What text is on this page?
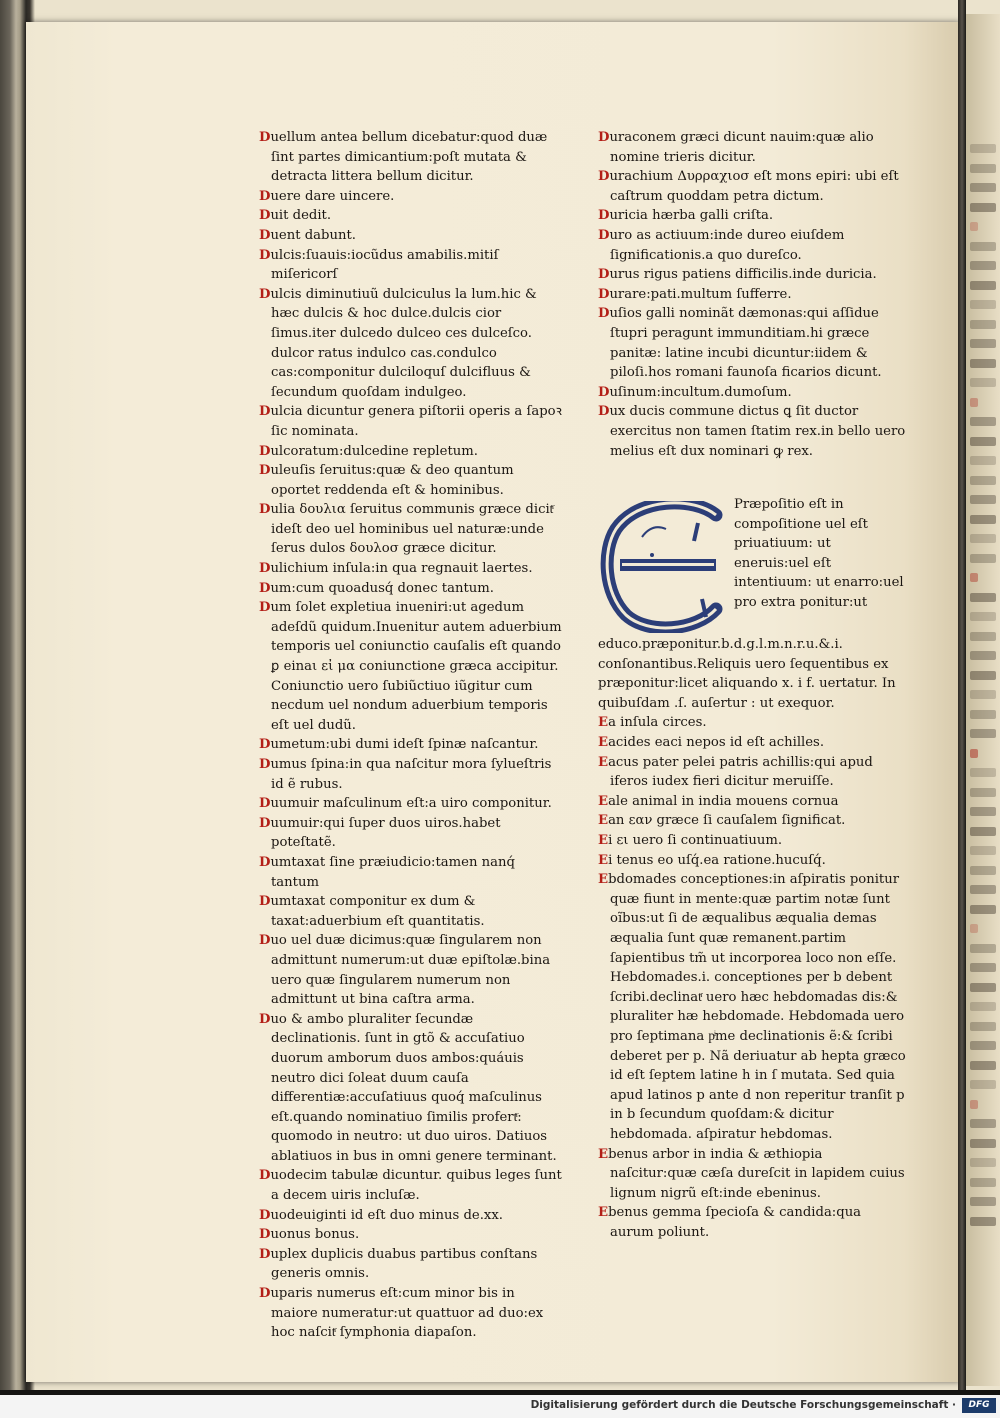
Duellum antea bellum dicebatur:quod duæ ſint partes dimicantium:poſt mutata & detracta littera bellum dicitur.

Duere dare uincere.

Duit dedit.

Duent dabunt.

Dulcis:ſuauis:iocũdus amabilis.mitiſ miſericorſ

Dulcis diminutiuũ dulciculus la lum.hic & hæc dulcis & hoc dulce.dulcis cior ſimus.iter dulcedo dulceo ces dulceſco. dulcor ratus indulco cas.condulco cas:componitur dulciloquſ dulcifluus & ſecundum quoſdam indulgeo.

Dulcia dicuntur genera piſtorii operis a ſapoꝛ ſic nominata.

Dulcoratum:dulcedine repletum.

Duleuſis ſeruitus:quæ & deo quantum oportet reddenda eſt & hominibus.

Dulia δουλια ſeruitus communis græce dicitͬ ideſt deo uel hominibus uel naturæ:unde ſerus dulos δουλοσ græce dicitur.

Dulichium inſula:in qua regnauit laertes.

Dum:cum quoadusq́ donec tantum.

Dum ſolet expletiua inueniri:ut agedum adeſdũ quidum.Inuenitur autem aduerbium temporis uel coniunctio cauſalis eſt quando ꝑ einaι εἰ μα coniunctione græca accipitur. Coniunctio uero ſubiũctiuo iũgitur cum necdum uel nondum aduerbium temporis eſt uel dudũ.

Dumetum:ubi dumi ideſt ſpinæ naſcantur.

Dumus ſpina:in qua naſcitur mora ſylueſtris id ẽ rubus.

Duumuir maſculinum eſt:a uiro componitur.

Duumuir:qui ſuper duos uiros.habet poteſtatẽ.

Dumtaxat ſine præiudicio:tamen nanq́ tantum

Dumtaxat componitur ex dum & taxat:aduerbium eſt quantitatis.

Duo uel duæ dicimus:quæ ſingularem non admittunt numerum:ut duæ epiſtolæ.bina uero quæ ſingularem numerum non admittunt ut bina caſtra arma.

Duo & ambo pluraliter ſecundæ declinationis. ſunt in gtõ & accuſatiuo duorum amborum duos ambos:quáuis neutro dici ſoleat duum cauſa differentiæ:accuſatiuus quoq́ maſculinus eſt.quando nominatiuo ſimilis profertͬ: quomodo in neutro: ut duo uiros. Datiuos ablatiuos in bus in omni genere terminant.

Duodecim tabulæ dicuntur. quibus leges ſunt a decem uiris incluſæ.

Duodeuiginti id eſt duo minus de.xx.

Duonus bonus.

Duplex duplicis duabus partibus conſtans generis omnis.

Duparis numerus eſt:cum minor bis in maiore numeratur:ut quattuor ad duo:ex hoc naſcitͬ ſymphonia diapaſon.

Duraconem græci dicunt nauim:quæ alio nomine trieris dicitur.

Durachium Δυρραχιοσ eſt mons epiri: ubi eſt caſtrum quoddam petra dictum.

Duricia hærba galli criſta.

Duro as actiuum:inde dureo eiuſdem ſignificationis.a quo dureſco.

Durus rigus patiens difficilis.inde duricia.

Durare:pati.multum ſufferre.

Duſios galli nominãt dæmonas:qui aſſidue ſtupri peragunt immunditiam.hi græce panitæ: latine incubi dicuntur:iidem & piloſi.hos romani faunoſa ficarios dicunt.

Duſinum:incultum.dumoſum.

Dux ducis commune dictus ꝗ ſit ductor exercitus non tamen ſtatim rex.in bello uero melius eſt dux nominari ꝙ rex.

Præpoſitio eſt in compoſitione uel eſt priuatiuum: ut eneruis:uel eſt intentiuum: ut enarro:uel pro extra ponitur:ut educo.præponitur.b.d.g.l.m.n.r.u.&.i. conſonantibus.Reliquis uero ſequentibus ex præponitur:licet aliquando x. i f. uertatur. In quibuſdam .ſ. auſertur : ut exequor.

Ea inſula circes.

Eacides eaci nepos id eſt achilles.

Eacus pater pelei patris achillis:qui apud iferos iudex fieri dicitur meruiſſe.

Eale animal in india mouens cornua

Ean εαν græce ſi cauſalem ſignificat.

Ei ει uero ſi continuatiuum.

Ei tenus eo uſq́.ea ratione.hucuſq́.

Ebdomades conceptiones:in aſpiratis ponitur quæ fiunt in mente:quæ partim notæ ſunt oĩbus:ut ſi de æqualibus æqualia demas æqualia ſunt quæ remanent.partim ſapientibus tm̃ ut incorporea loco non eſſe. Hebdomades.i. conceptiones per b debent ſcribi.declinatͬ uero hæc hebdomadas dis:& pluraliter hæ hebdomade. Hebdomada uero pro ſeptimana pͥme declinationis ẽ:& ſcribi deberet per p. Nã deriuatur ab hepta græco id eſt ſeptem latine h in ſ mutata. Sed quia apud latinos p ante d non reperitur tranſit p in b ſecundum quoſdam:& dicitur hebdomada. aſpiratur hebdomas.

Ebenus arbor in india & æthiopia naſcitur:quæ cæſa dureſcit in lapidem cuius lignum nigrũ eſt:inde ebeninus.

Ebenus gemma ſpecioſa & candida:qua aurum poliunt.

Digitalisierung gefördert durch die Deutsche Forschungsgemeinschaft ·	DFG
